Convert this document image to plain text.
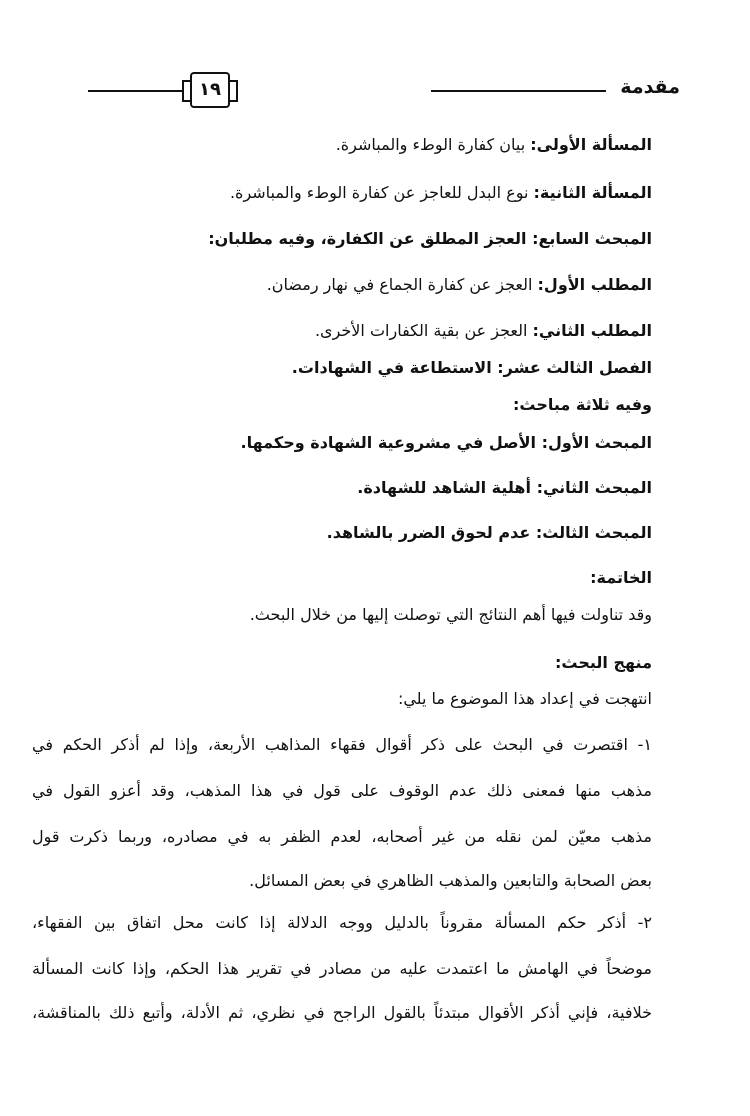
مقدمة
١٩

المسألة الأولى: بيان كفارة الوطء والمباشرة.

المسألة الثانية: نوع البدل للعاجز عن كفارة الوطء والمباشرة.

المبحث السابع: العجز المطلق عن الكفارة، وفيه مطلبان:

المطلب الأول: العجز عن كفارة الجماع في نهار رمضان.

المطلب الثاني: العجز عن بقية الكفارات الأخرى.

الفصل الثالث عشر: الاستطاعة في الشهادات.

وفيه ثلاثة مباحث:

المبحث الأول: الأصل في مشروعية الشهادة وحكمها.

المبحث الثاني: أهلية الشاهد للشهادة.

المبحث الثالث: عدم لحوق الضرر بالشاهد.

الخاتمة:

وقد تناولت فيها أهم النتائج التي توصلت إليها من خلال البحث.

منهج البحث:

انتهجت في إعداد هذا الموضوع ما يلي:

١- اقتصرت في البحث على ذكر أقوال فقهاء المذاهب الأربعة، وإذا لم أذكر الحكم في

مذهب منها فمعنى ذلك عدم الوقوف على قول في هذا المذهب، وقد أعزو القول في

مذهب معيّن لمن نقله من غير أصحابه، لعدم الظفر به في مصادره، وربما ذكرت قول

بعض الصحابة والتابعين والمذهب الظاهري في بعض المسائل.

٢- أذكر حكم المسألة مقروناً بالدليل ووجه الدلالة إذا كانت محل اتفاق بين الفقهاء،

موضحاً في الهامش ما اعتمدت عليه من مصادر في تقرير هذا الحكم، وإذا كانت المسألة

خلافية، فإني أذكر الأقوال مبتدئاً بالقول الراجح في نظري، ثم الأدلة، وأتبع ذلك بالمناقشة،
